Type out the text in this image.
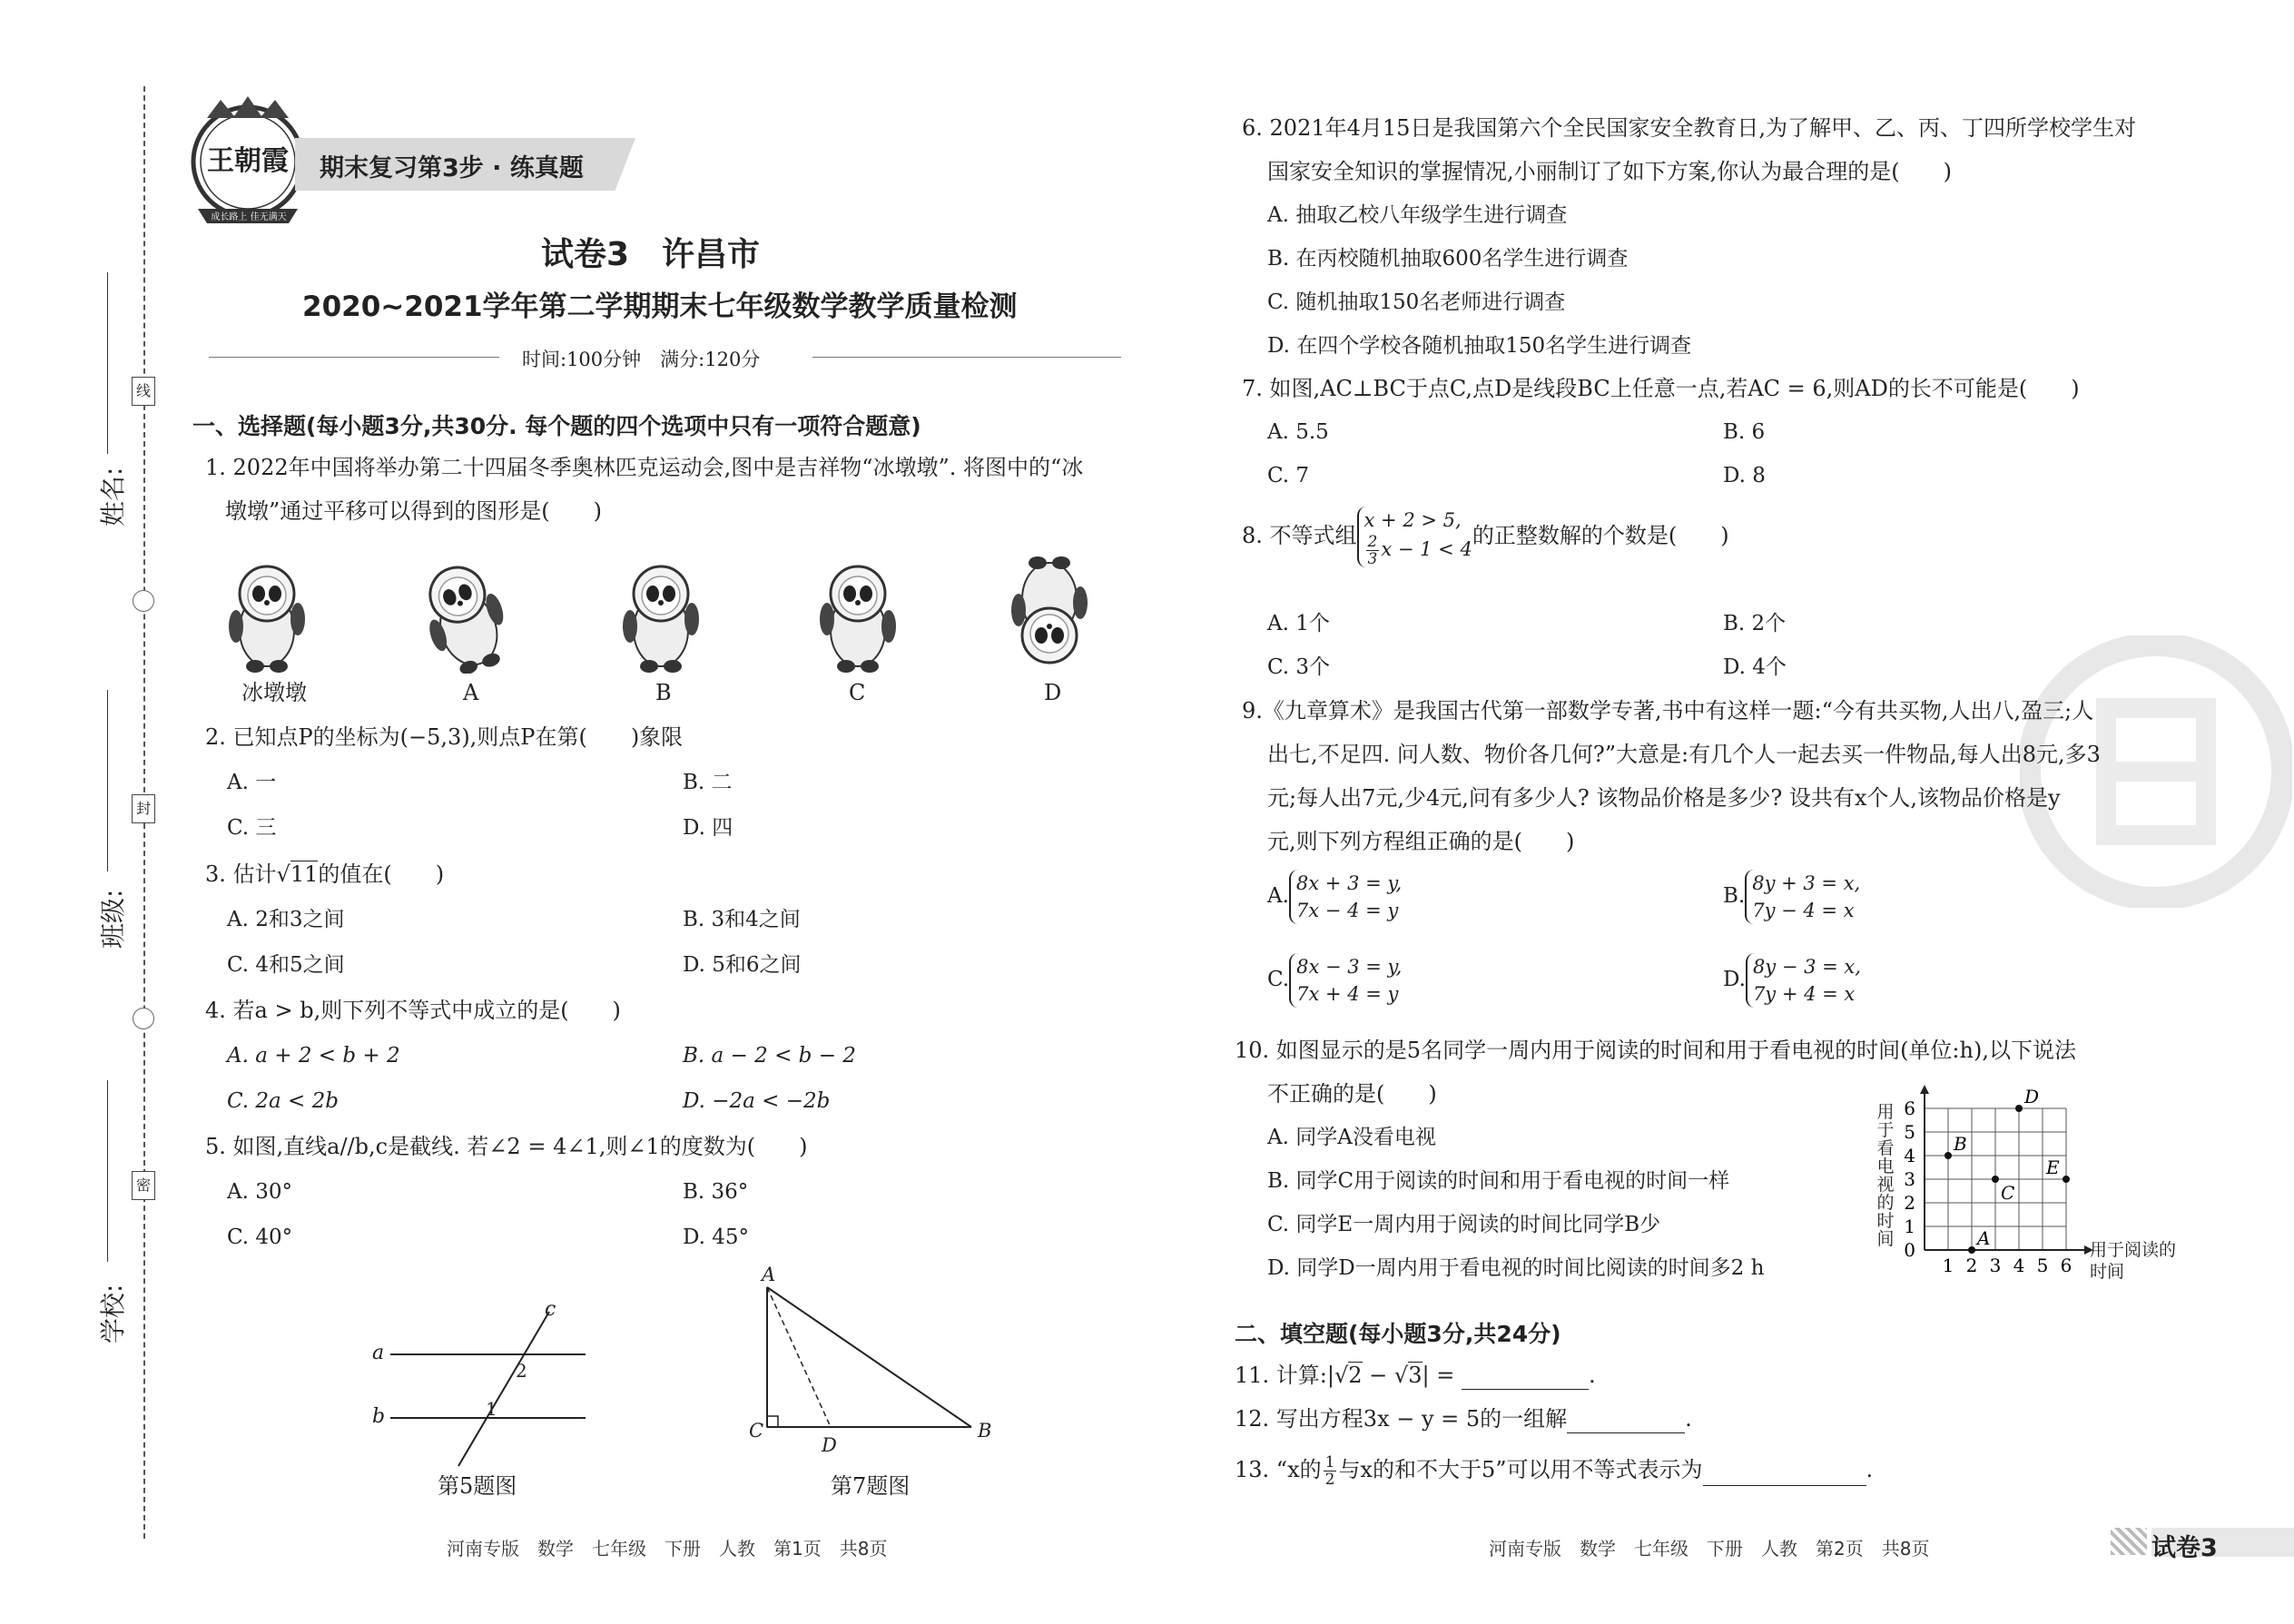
线
封
密
姓名:
班级:
学校:
王朝霞
成长路上 佳无满天
期末复习第3步 · 练真题
试卷3　许昌市
2020~2021学年第二学期期末七年级数学教学质量检测
时间:100分钟　满分:120分
一、选择题(每小题3分,共30分. 每个题的四个选项中只有一项符合题意)
1. 2022年中国将举办第二十四届冬季奥林匹克运动会,图中是吉祥物“冰墩墩”. 将图中的“冰
墩墩”通过平移可以得到的图形是(　　)
冰墩墩	A	B	C	D
2. 已知点P的坐标为(−5,3),则点P在第(　　)象限
A. 一	B. 二
C. 三	D. 四
3. 估计√11的值在(　　)
A. 2和3之间	B. 3和4之间
C. 4和5之间	D. 5和6之间
4. 若a > b,则下列不等式中成立的是(　　)
A. a + 2 < b + 2	B. a − 2 < b − 2
C. 2a < 2b	D. −2a < −2b
5. 如图,直线a//b,c是截线. 若∠2 = 4∠1,则∠1的度数为(　　)
A. 30°	B. 36°
C. 40°	D. 45°
a
b
c
2
1
第5题图
A
C
D
B
第7题图
河南专版　数学　七年级　下册　人教　第1页　共8页
6. 2021年4月15日是我国第六个全民国家安全教育日,为了解甲、乙、丙、丁四所学校学生对
国家安全知识的掌握情况,小丽制订了如下方案,你认为最合理的是(　　)
A. 抽取乙校八年级学生进行调查
B. 在丙校随机抽取600名学生进行调查
C. 随机抽取150名老师进行调查
D. 在四个学校各随机抽取150名学生进行调查
7. 如图,AC⊥BC于点C,点D是线段BC上任意一点,若AC = 6,则AD的长不可能是(　　)
A. 5.5	B. 6
C. 7	D. 8
8. 不等式组
x + 2 > 5,
$\frac{2}{3}$ x − 1 < 4
的正整数解的个数是(　　)
A. 1个	B. 2个
C. 3个	D. 4个
9.《九章算术》是我国古代第一部数学专著,书中有这样一题:“今有共买物,人出八,盈三;人
出七,不足四. 问人数、物价各几何?”大意是:有几个人一起去买一件物品,每人出8元,多3
元;每人出7元,少4元,问有多少人? 该物品价格是多少? 设共有x个人,该物品价格是y
元,则下列方程组正确的是(　　)
A.
8x + 3 = y,
7x − 4 = y
B.
8y + 3 = x,
7y − 4 = x
C.
8x − 3 = y,
7x + 4 = y
D.
8y − 3 = x,
7y + 4 = x
10. 如图显示的是5名同学一周内用于阅读的时间和用于看电视的时间(单位:h),以下说法
不正确的是(　　)
A. 同学A没看电视
B. 同学C用于阅读的时间和用于看电视的时间一样
C. 同学E一周内用于阅读的时间比同学B少
D. 同学D一周内用于看电视的时间比阅读的时间多2 h	1 2 3 4 5 6
0
1
2
3
4
5
6
A
B
C
D
E
用于看电视的时间
用于阅读的时间
二、填空题(每小题3分,共24分)
11. 计算:|√2 − √3| =	.
12. 写出方程3x − y = 5的一组解	.
13. “x的 $\frac{1}{2}$ 与x的和不大于5”可以用不等式表示为	.
河南专版　数学　七年级　下册　人教　第2页　共8页	试卷3
